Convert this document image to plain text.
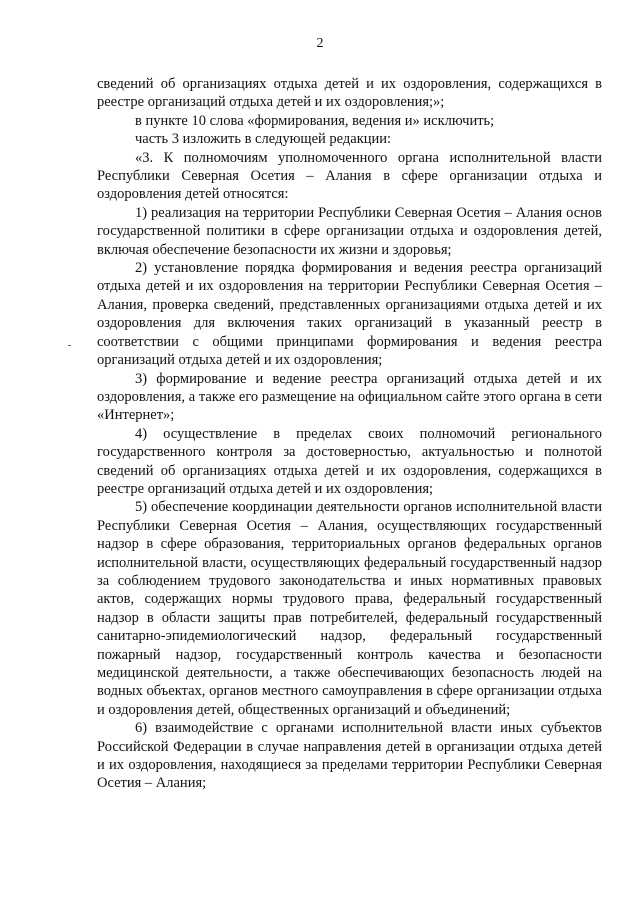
2

сведений об организациях отдыха детей и их оздоровления, содержащихся в реестре организаций отдыха детей и их оздоровления;»;

в пункте 10 слова «формирования, ведения и» исключить;

часть 3 изложить в следующей редакции:

«3. К полномочиям уполномоченного органа исполнительной власти Республики Северная Осетия – Алания в сфере организации отдыха и оздоровления детей относятся:

1) реализация на территории Республики Северная Осетия – Алания основ государственной политики в сфере организации отдыха и оздоровления детей, включая обеспечение безопасности их жизни и здоровья;

2) установление порядка формирования и ведения реестра организаций отдыха детей и их оздоровления на территории Республики Северная Осетия – Алания, проверка сведений, представленных организациями отдыха детей и их оздоровления для включения таких организаций в указанный реестр в соответствии с общими принципами формирования и ведения реестра организаций отдыха детей и их оздоровления;

3) формирование и ведение реестра организаций отдыха детей и их оздоровления, а также его размещение на официальном сайте этого органа в сети «Интернет»;

4) осуществление в пределах своих полномочий регионального государственного контроля за достоверностью, актуальностью и полнотой сведений об организациях отдыха детей и их оздоровления, содержащихся в реестре организаций отдыха детей и их оздоровления;

5) обеспечение координации деятельности органов исполнительной власти Республики Северная Осетия – Алания, осуществляющих государственный надзор в сфере образования, территориальных органов федеральных органов исполнительной власти, осуществляющих федеральный государственный надзор за соблюдением трудового законодательства и иных нормативных правовых актов, содержащих нормы трудового права, федеральный государственный надзор в области защиты прав потребителей, федеральный государственный санитарно-эпидемиологический надзор, федеральный государственный пожарный надзор, государственный контроль качества и безопасности медицинской деятельности, а также обеспечивающих безопасность людей на водных объектах, органов местного самоуправления в сфере организации отдыха и оздоровления детей, общественных организаций и объединений;

6) взаимодействие с органами исполнительной власти иных субъектов Российской Федерации в случае направления детей в организации отдыха детей и их оздоровления, находящиеся за пределами территории Республики Северная Осетия – Алания;
